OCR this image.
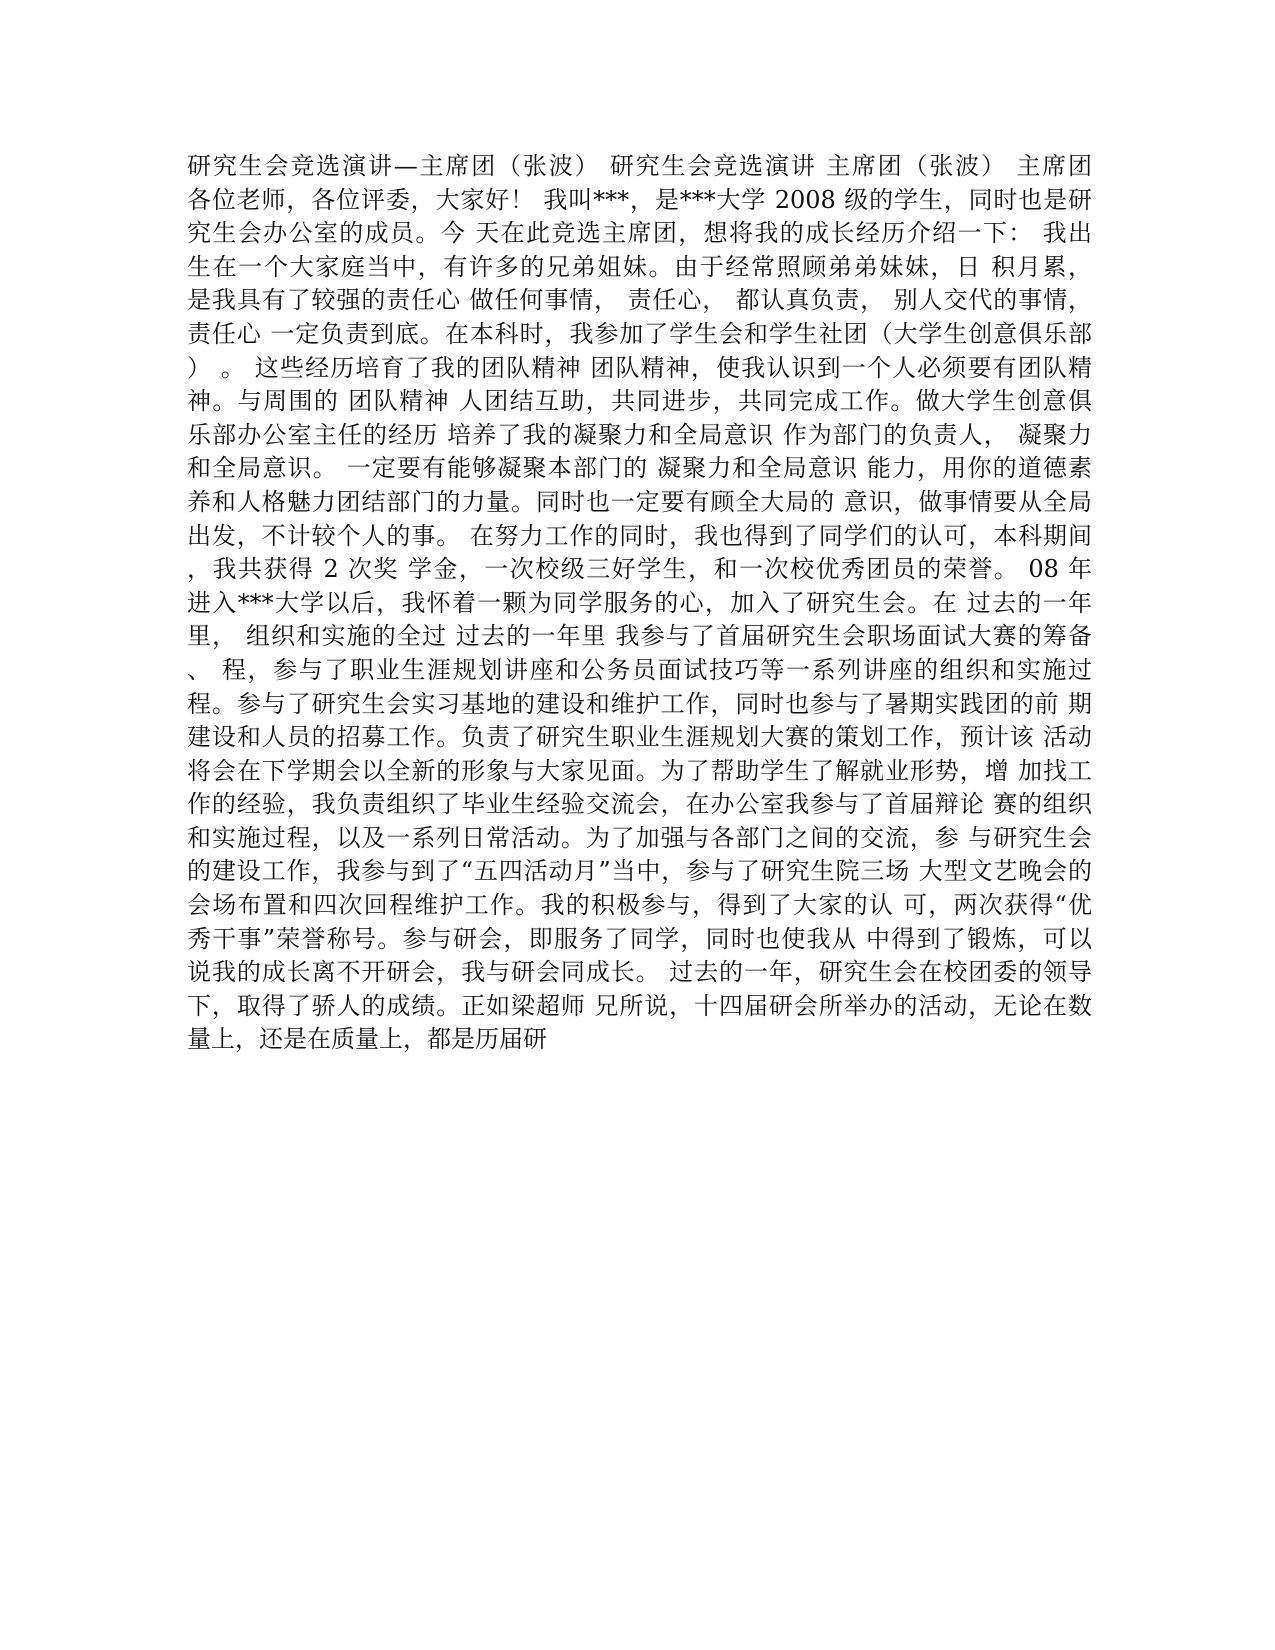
研究生会竞选演讲—主席团（张波） 研究生会竞选演讲 主席团（张波） 主席团
各位老师，各位评委，大家好！ 我叫***，是***大学 2008 级的学生，同时也是研
究生会办公室的成员。今 天在此竞选主席团，想将我的成长经历介绍一下： 我出
生在一个大家庭当中，有许多的兄弟姐妹。由于经常照顾弟弟妹妹，日 积月累，
是我具有了较强的责任心 做任何事情， 责任心， 都认真负责， 别人交代的事情，
责任心 一定负责到底。在本科时，我参加了学生会和学生社团（大学生创意俱乐部
） 。 这些经历培育了我的团队精神 团队精神，使我认识到一个人必须要有团队精
神。与周围的 团队精神 人团结互助，共同进步，共同完成工作。做大学生创意俱
乐部办公室主任的经历 培养了我的凝聚力和全局意识 作为部门的负责人， 凝聚力
和全局意识。 一定要有能够凝聚本部门的 凝聚力和全局意识 能力，用你的道德素
养和人格魅力团结部门的力量。同时也一定要有顾全大局的 意识，做事情要从全局
出发，不计较个人的事。 在努力工作的同时，我也得到了同学们的认可，本科期间
，我共获得 2 次奖 学金，一次校级三好学生，和一次校优秀团员的荣誉。 08 年
进入***大学以后，我怀着一颗为同学服务的心，加入了研究生会。在 过去的一年
里， 组织和实施的全过 过去的一年里 我参与了首届研究生会职场面试大赛的筹备
、 程，参与了职业生涯规划讲座和公务员面试技巧等一系列讲座的组织和实施过
程。参与了研究生会实习基地的建设和维护工作，同时也参与了暑期实践团的前 期
建设和人员的招募工作。负责了研究生职业生涯规划大赛的策划工作，预计该 活动
将会在下学期会以全新的形象与大家见面。为了帮助学生了解就业形势，增 加找工
作的经验，我负责组织了毕业生经验交流会，在办公室我参与了首届辩论 赛的组织
和实施过程，以及一系列日常活动。为了加强与各部门之间的交流，参 与研究生会
的建设工作，我参与到了“五四活动月”当中，参与了研究生院三场 大型文艺晚会的
会场布置和四次回程维护工作。我的积极参与，得到了大家的认 可，两次获得“优
秀干事”荣誉称号。参与研会，即服务了同学，同时也使我从 中得到了锻炼，可以
说我的成长离不开研会，我与研会同成长。 过去的一年，研究生会在校团委的领导
下，取得了骄人的成绩。正如梁超师 兄所说，十四届研会所举办的活动，无论在数
量上，还是在质量上，都是历届研
